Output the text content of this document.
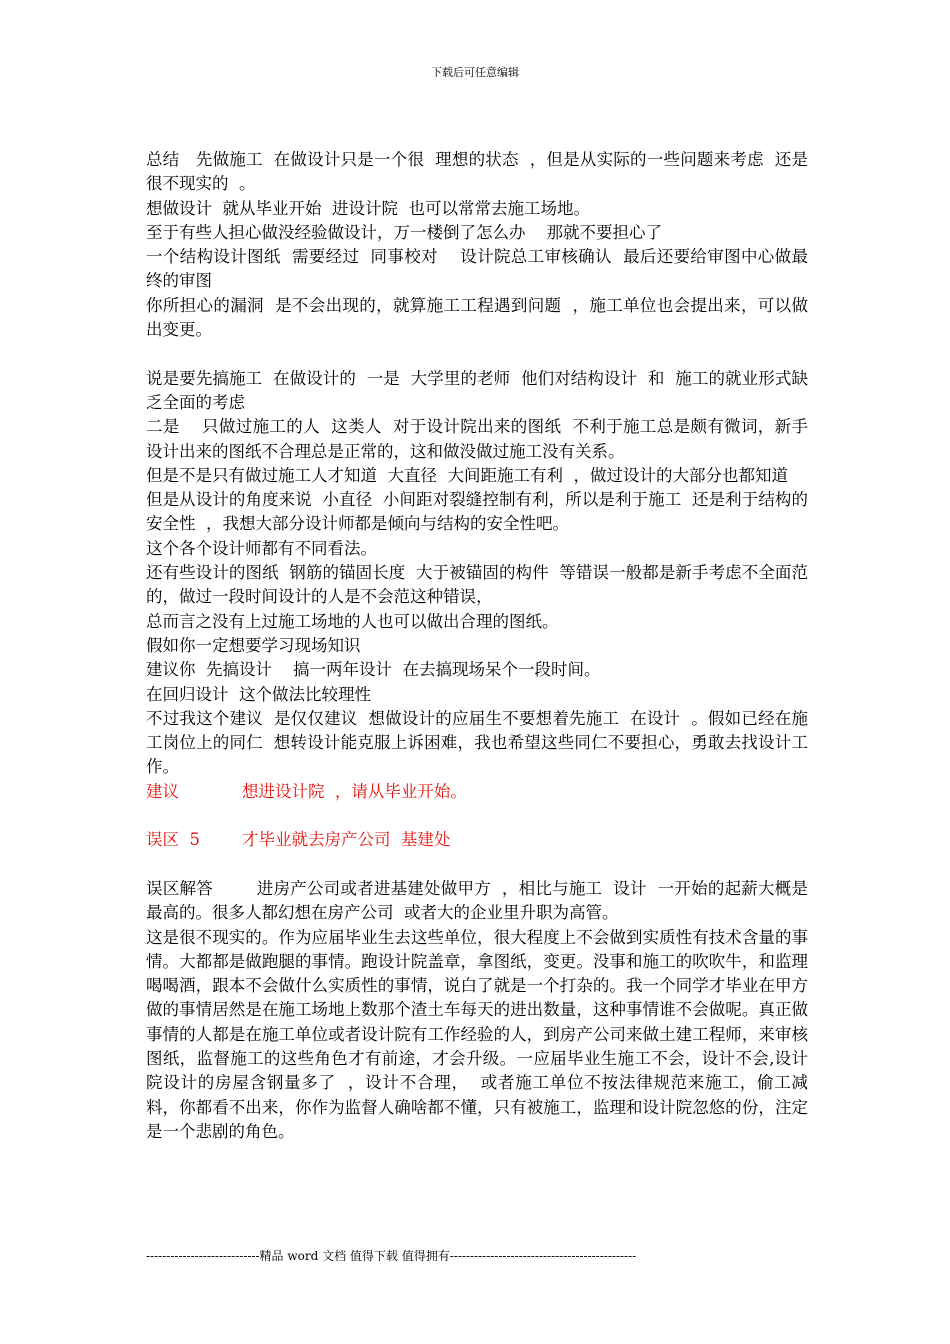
下载后可任意编辑

总结   先做施工  在做设计只是一个很  理想的状态  ，但是从实际的一些问题来考虑  还是很不现实的  。

想做设计  就从毕业开始  进设计院  也可以常常去施工场地。

至于有些人担心做没经验做设计，万一楼倒了怎么办    那就不要担心了

一个结构设计图纸  需要经过  同事校对    设计院总工审核确认  最后还要给审图中心做最终的审图

你所担心的漏洞  是不会出现的，就算施工工程遇到问题  ，施工单位也会提出来，可以做出变更。

说是要先搞施工  在做设计的  一是  大学里的老师  他们对结构设计  和  施工的就业形式缺乏全面的考虑

二是    只做过施工的人  这类人  对于设计院出来的图纸  不利于施工总是颇有微词，新手设计出来的图纸不合理总是正常的，这和做没做过施工没有关系。

但是不是只有做过施工人才知道  大直径  大间距施工有利  ，做过设计的大部分也都知道

但是从设计的角度来说  小直径  小间距对裂缝控制有利，所以是利于施工  还是利于结构的安全性  ，我想大部分设计师都是倾向与结构的安全性吧。

这个各个设计师都有不同看法。

还有些设计的图纸  钢筋的锚固长度  大于被锚固的构件  等错误一般都是新手考虑不全面范的，做过一段时间设计的人是不会范这种错误，

总而言之没有上过施工场地的人也可以做出合理的图纸。

假如你一定想要学习现场知识

建议你  先搞设计    搞一两年设计  在去搞现场呆个一段时间。

在回归设计  这个做法比较理性

不过我这个建议  是仅仅建议  想做设计的应届生不要想着先施工  在设计  。假如已经在施工岗位上的同仁  想转设计能克服上诉困难，我也希望这些同仁不要担心，勇敢去找设计工作。

建议            想进设计院  ，请从毕业开始。

误区  5        才毕业就去房产公司  基建处

误区解答        进房产公司或者进基建处做甲方  ，相比与施工  设计  一开始的起薪大概是最高的。很多人都幻想在房产公司  或者大的企业里升职为高管。

这是很不现实的。作为应届毕业生去这些单位，很大程度上不会做到实质性有技术含量的事情。大都都是做跑腿的事情。跑设计院盖章，拿图纸，变更。没事和施工的吹吹牛，和监理喝喝酒，跟本不会做什么实质性的事情，说白了就是一个打杂的。我一个同学才毕业在甲方做的事情居然是在施工场地上数那个渣土车每天的进出数量，这种事情谁不会做呢。真正做事情的人都是在施工单位或者设计院有工作经验的人，到房产公司来做土建工程师，来审核图纸，监督施工的这些角色才有前途，才会升级。一应届毕业生施工不会，设计不会,设计院设计的房屋含钢量多了  ，设计不合理，  或者施工单位不按法律规范来施工，偷工减料，你都看不出来，你作为监督人确啥都不懂，只有被施工，监理和设计院忽悠的份，注定是一个悲剧的角色。

----------------------------精品 word 文档 值得下载 值得拥有----------------------------------------------
